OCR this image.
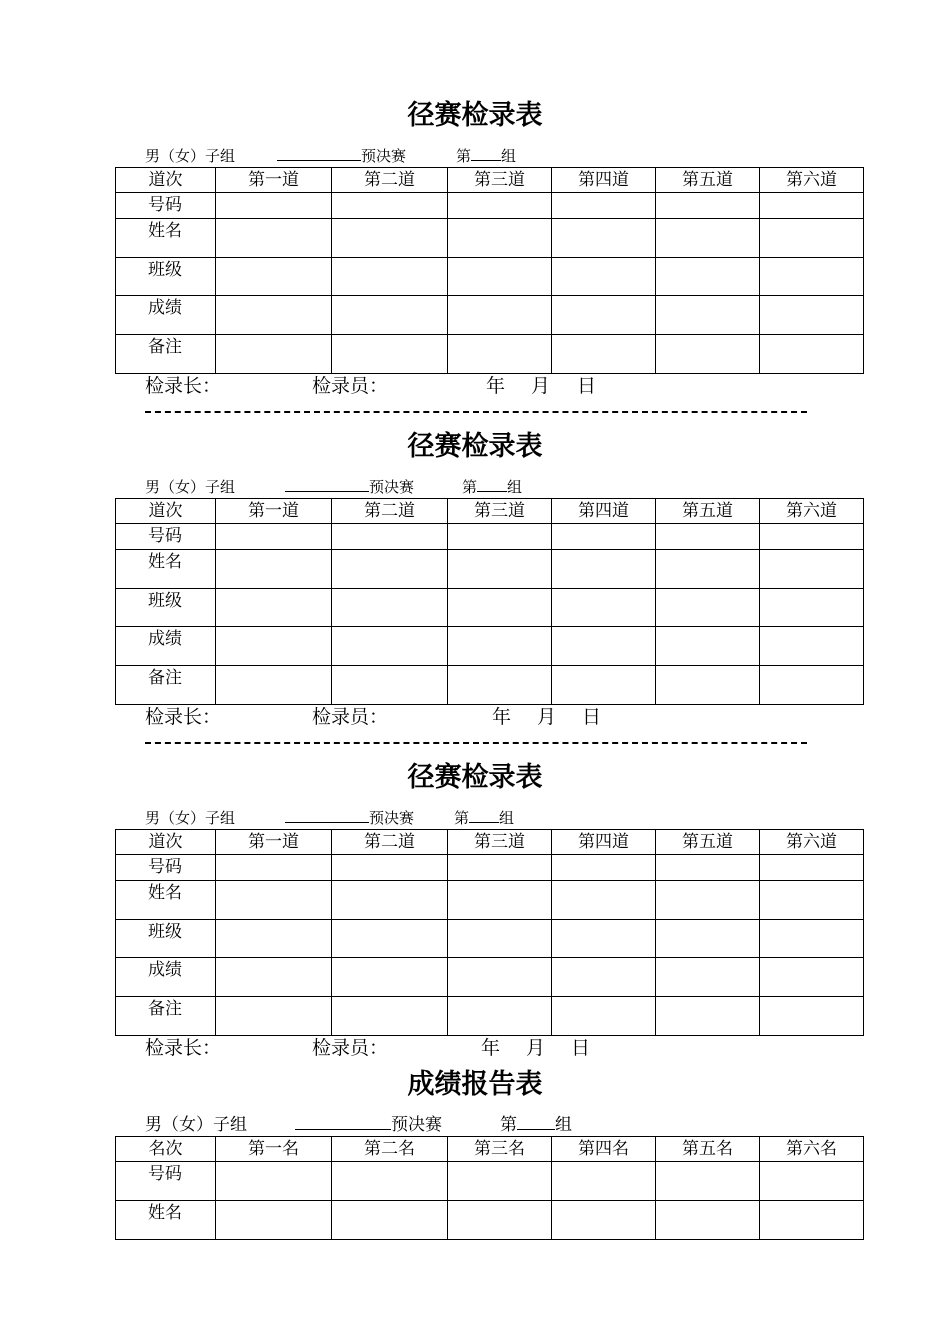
径赛检录表
男（女）子组	预决赛	第 组
道次	第一道	第二道	第三道	第四道	第五道	第六道
号码						
姓名						
班级						
成绩						
备注						
检录长：	检录员：	年 月 日
径赛检录表
男（女）子组	预决赛	第 组
道次	第一道	第二道	第三道	第四道	第五道	第六道
号码						
姓名						
班级						
成绩						
备注						
检录长：	检录员：	年 月 日
径赛检录表
男（女）子组	预决赛	第 组
道次	第一道	第二道	第三道	第四道	第五道	第六道
号码						
姓名						
班级						
成绩						
备注						
检录长：	检录员：	年 月 日
成绩报告表
男（女）子组	预决赛	第 组
名次	第一名	第二名	第三名	第四名	第五名	第六名
号码						
姓名						
